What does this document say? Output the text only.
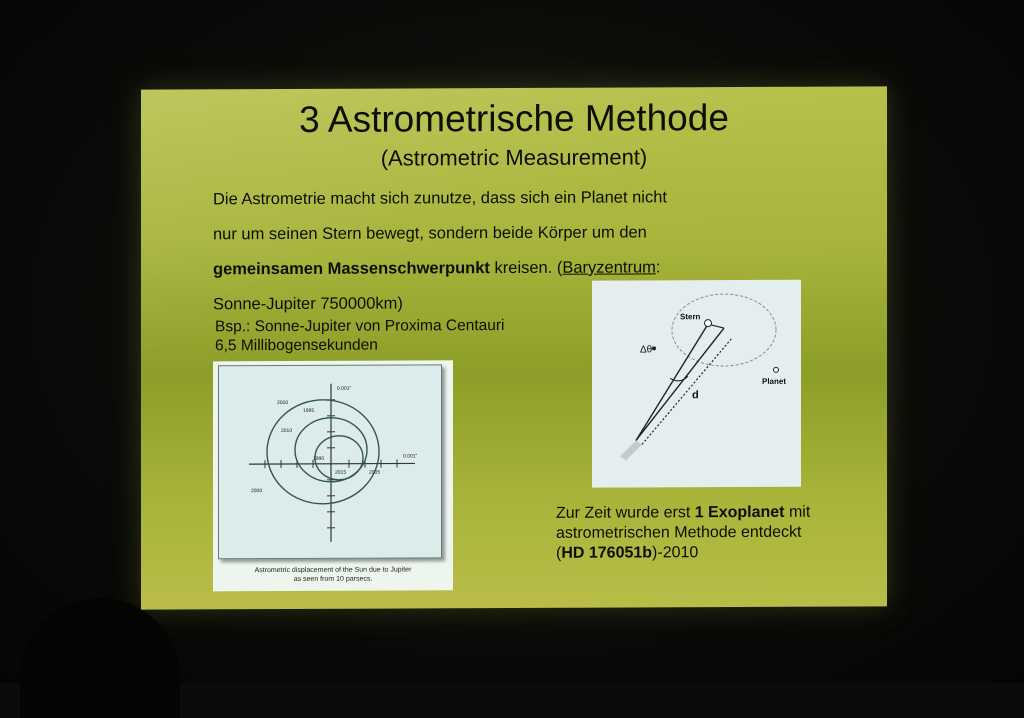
3 Astrometrische Methode
(Astrometric Measurement)
Die Astrometrie macht sich zunutze, dass sich ein Planet nicht
nur um seinen Stern bewegt, sondern beide Körper um den
gemeinsamen Massenschwerpunkt kreisen. (Baryzentrum:
Sonne-Jupiter 750000km)
Bsp.: Sonne-Jupiter von Proxima Centauri
6,5 Millibogensekunden
0.001"
0.001"
2020
1995
2010
1990
2015	2005
2000
Astrometric displacement of the Sun due to Jupiter
as seen from 10 parsecs.
Stern
Planet
Δθ
d
Zur Zeit wurde erst 1 Exoplanet mit
astrometrischen Methode entdeckt
(HD 176051b)-2010
